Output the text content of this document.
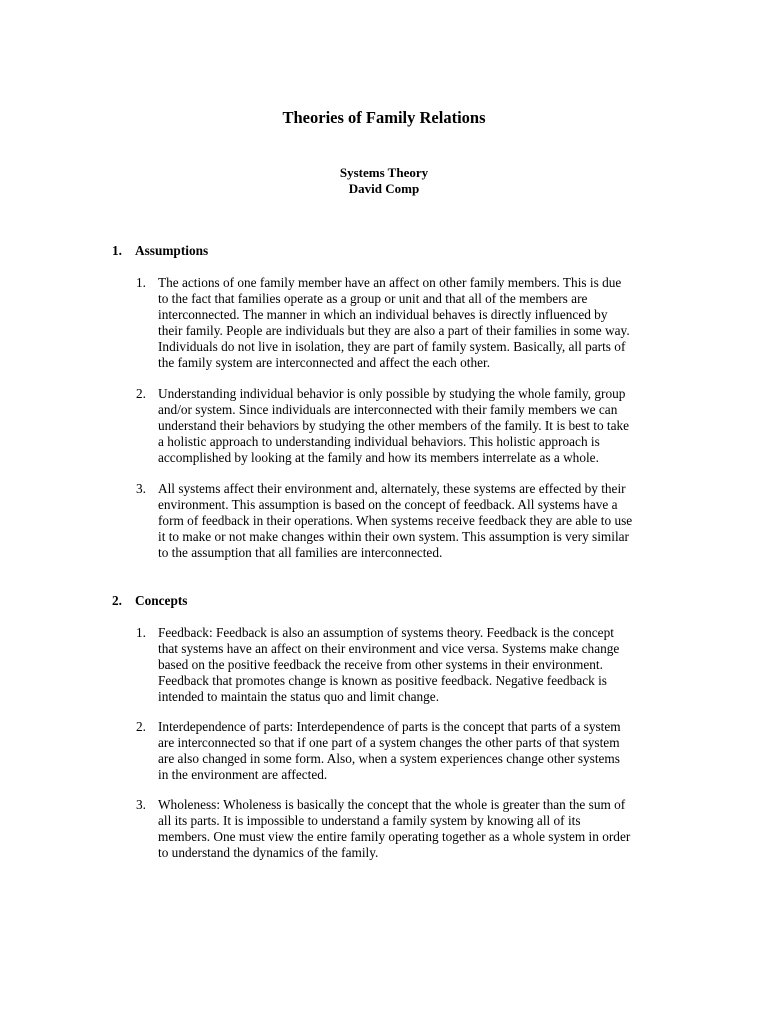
Theories of Family Relations
Systems Theory
David Comp
1. Assumptions
1. The actions of one family member have an affect on other family members. This is due
to the fact that families operate as a group or unit and that all of the members are
interconnected. The manner in which an individual behaves is directly influenced by
their family. People are individuals but they are also a part of their families in some way.
Individuals do not live in isolation, they are part of family system. Basically, all parts of
the family system are interconnected and affect the each other.
2. Understanding individual behavior is only possible by studying the whole family, group
and/or system. Since individuals are interconnected with their family members we can
understand their behaviors by studying the other members of the family. It is best to take
a holistic approach to understanding individual behaviors. This holistic approach is
accomplished by looking at the family and how its members interrelate as a whole.
3. All systems affect their environment and, alternately, these systems are effected by their
environment. This assumption is based on the concept of feedback. All systems have a
form of feedback in their operations. When systems receive feedback they are able to use
it to make or not make changes within their own system. This assumption is very similar
to the assumption that all families are interconnected.
2. Concepts
1. Feedback: Feedback is also an assumption of systems theory. Feedback is the concept
that systems have an affect on their environment and vice versa. Systems make change
based on the positive feedback the receive from other systems in their environment.
Feedback that promotes change is known as positive feedback. Negative feedback is
intended to maintain the status quo and limit change.
2. Interdependence of parts: Interdependence of parts is the concept that parts of a system
are interconnected so that if one part of a system changes the other parts of that system
are also changed in some form. Also, when a system experiences change other systems
in the environment are affected.
3. Wholeness: Wholeness is basically the concept that the whole is greater than the sum of
all its parts. It is impossible to understand a family system by knowing all of its
members. One must view the entire family operating together as a whole system in order
to understand the dynamics of the family.
